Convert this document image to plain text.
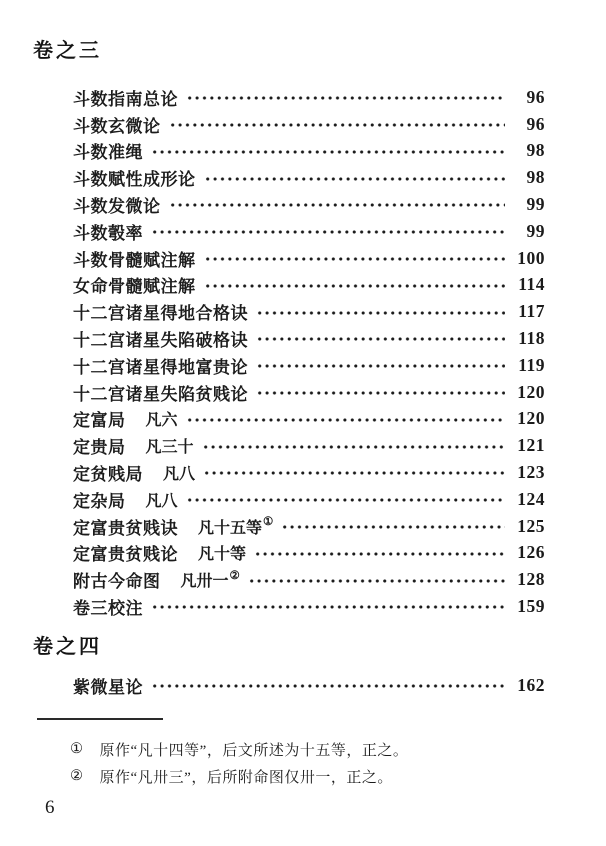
卷之三
斗数指南总论	96
斗数玄微论	96
斗数准绳	98
斗数赋性成形论	98
斗数发微论	99
斗数彀率	99
斗数骨髓赋注解	100
女命骨髓赋注解	114
十二宫诸星得地合格诀	117
十二宫诸星失陷破格诀	118
十二宫诸星得地富贵论	119
十二宫诸星失陷贫贱论	120
定富局 凡六	120
定贵局 凡三十	121
定贫贱局 凡八	123
定杂局 凡八	124
定富贵贫贱诀 凡十五等 ①	125
定富贵贫贱论 凡十等	126
附古今命图 凡卅一 ②	128
卷三校注	159
卷之四
紫微星论	162
① 原作“凡十四等”，后文所述为十五等，正之。
② 原作“凡卅三”，后所附命图仅卅一，正之。
6
